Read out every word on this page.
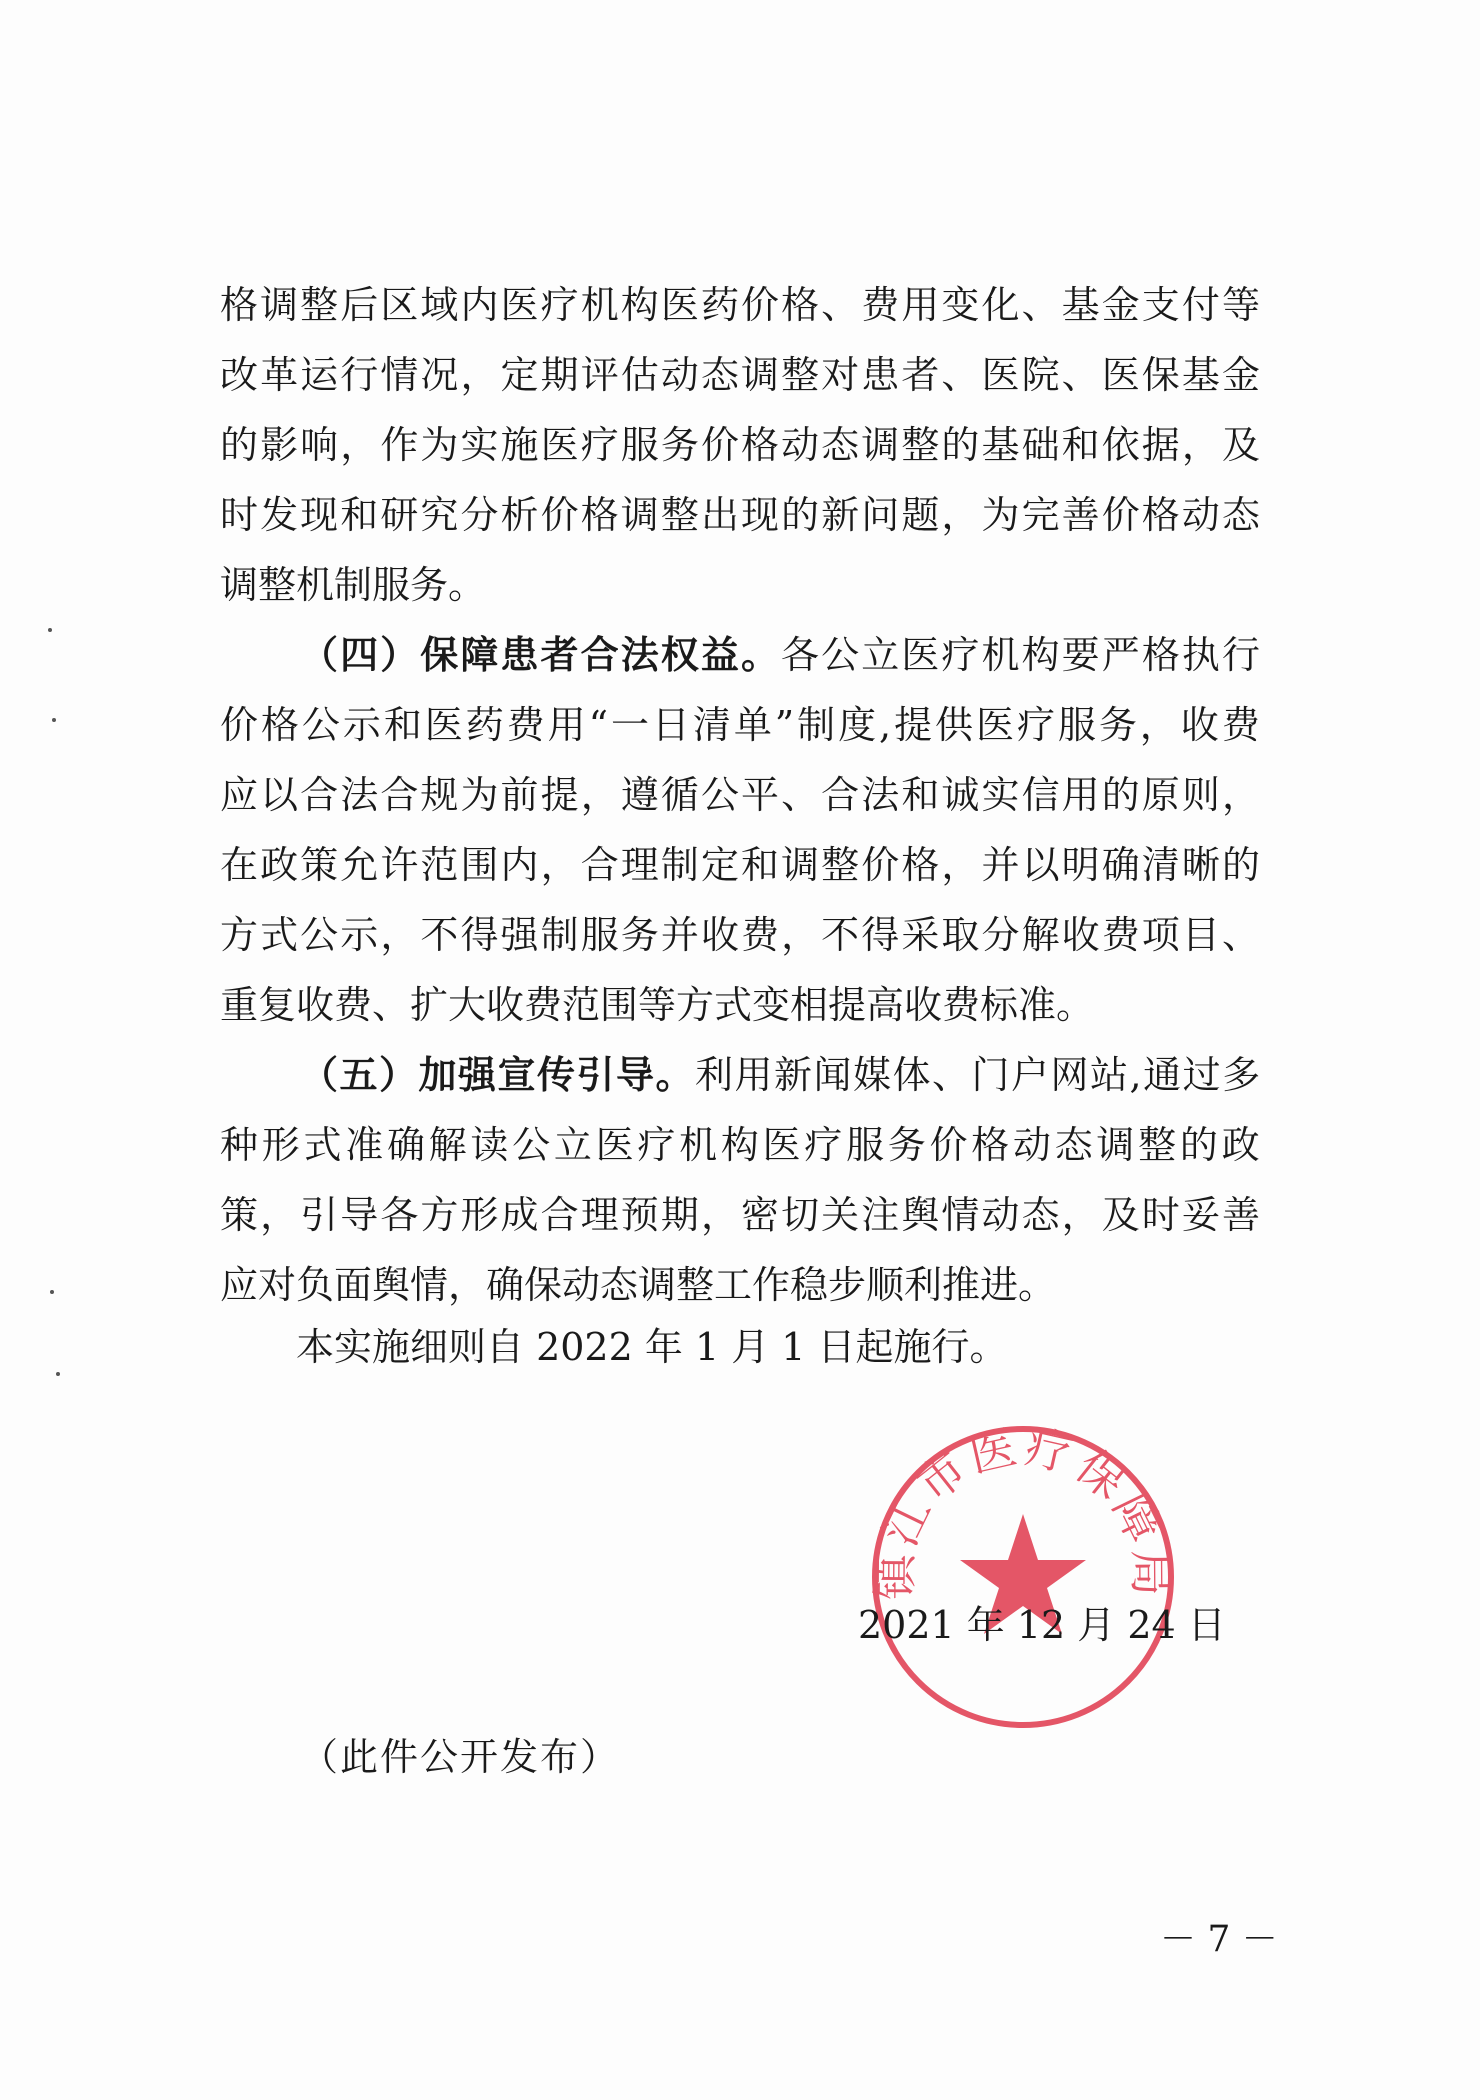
格 调 整 后 区 域 内 医 疗 机 构 医 药 价 格 、 费 用 变 化 、 基 金 支 付 等
改 革 运 行 情 况 ， 定 期 评 估 动 态 调 整 对 患 者 、 医 院 、 医 保 基 金
的 影 响 ， 作 为 实 施 医 疗 服 务 价 格 动 态 调 整 的 基 础 和 依 据 ， 及
时 发 现 和 研 究 分 析 价 格 调 整 出 现 的 新 问 题 ， 为 完 善 价 格 动 态
调整机制服务。
（四）保障患者合法权益。 各公立医疗机构要严格执行
价 格 公 示 和 医 药 费 用 “ 一 日 清 单 ” 制 度 , 提 供 医 疗 服 务 ， 收 费
应 以 合 法 合 规 为 前 提 ， 遵 循 公 平 、 合 法 和 诚 实 信 用 的 原 则 ，
在 政 策 允 许 范 围 内 ， 合 理 制 定 和 调 整 价 格 ， 并 以 明 确 清 晰 的
方 式 公 示 ， 不 得 强 制 服 务 并 收 费 ， 不 得 采 取 分 解 收 费 项 目 、
重复收费、扩大收费范围等方式变相提高收费标准。
（五）加强宣传引导。 利用新闻媒体、门户网站,通过多
种 形 式 准 确 解 读 公 立 医 疗 机 构 医 疗 服 务 价 格 动 态 调 整 的 政
策 ， 引 导 各 方 形 成 合 理 预 期 ， 密 切 关 注 舆 情 动 态 ， 及 时 妥 善
应对负面舆情，确保动态调整工作稳步顺利推进。
本实施细则自 2022 年 1 月 1 日起施行。
镇江市医疗保障局
2021 年 12 月 24 日
（此件公开发布）
－ 7 －
